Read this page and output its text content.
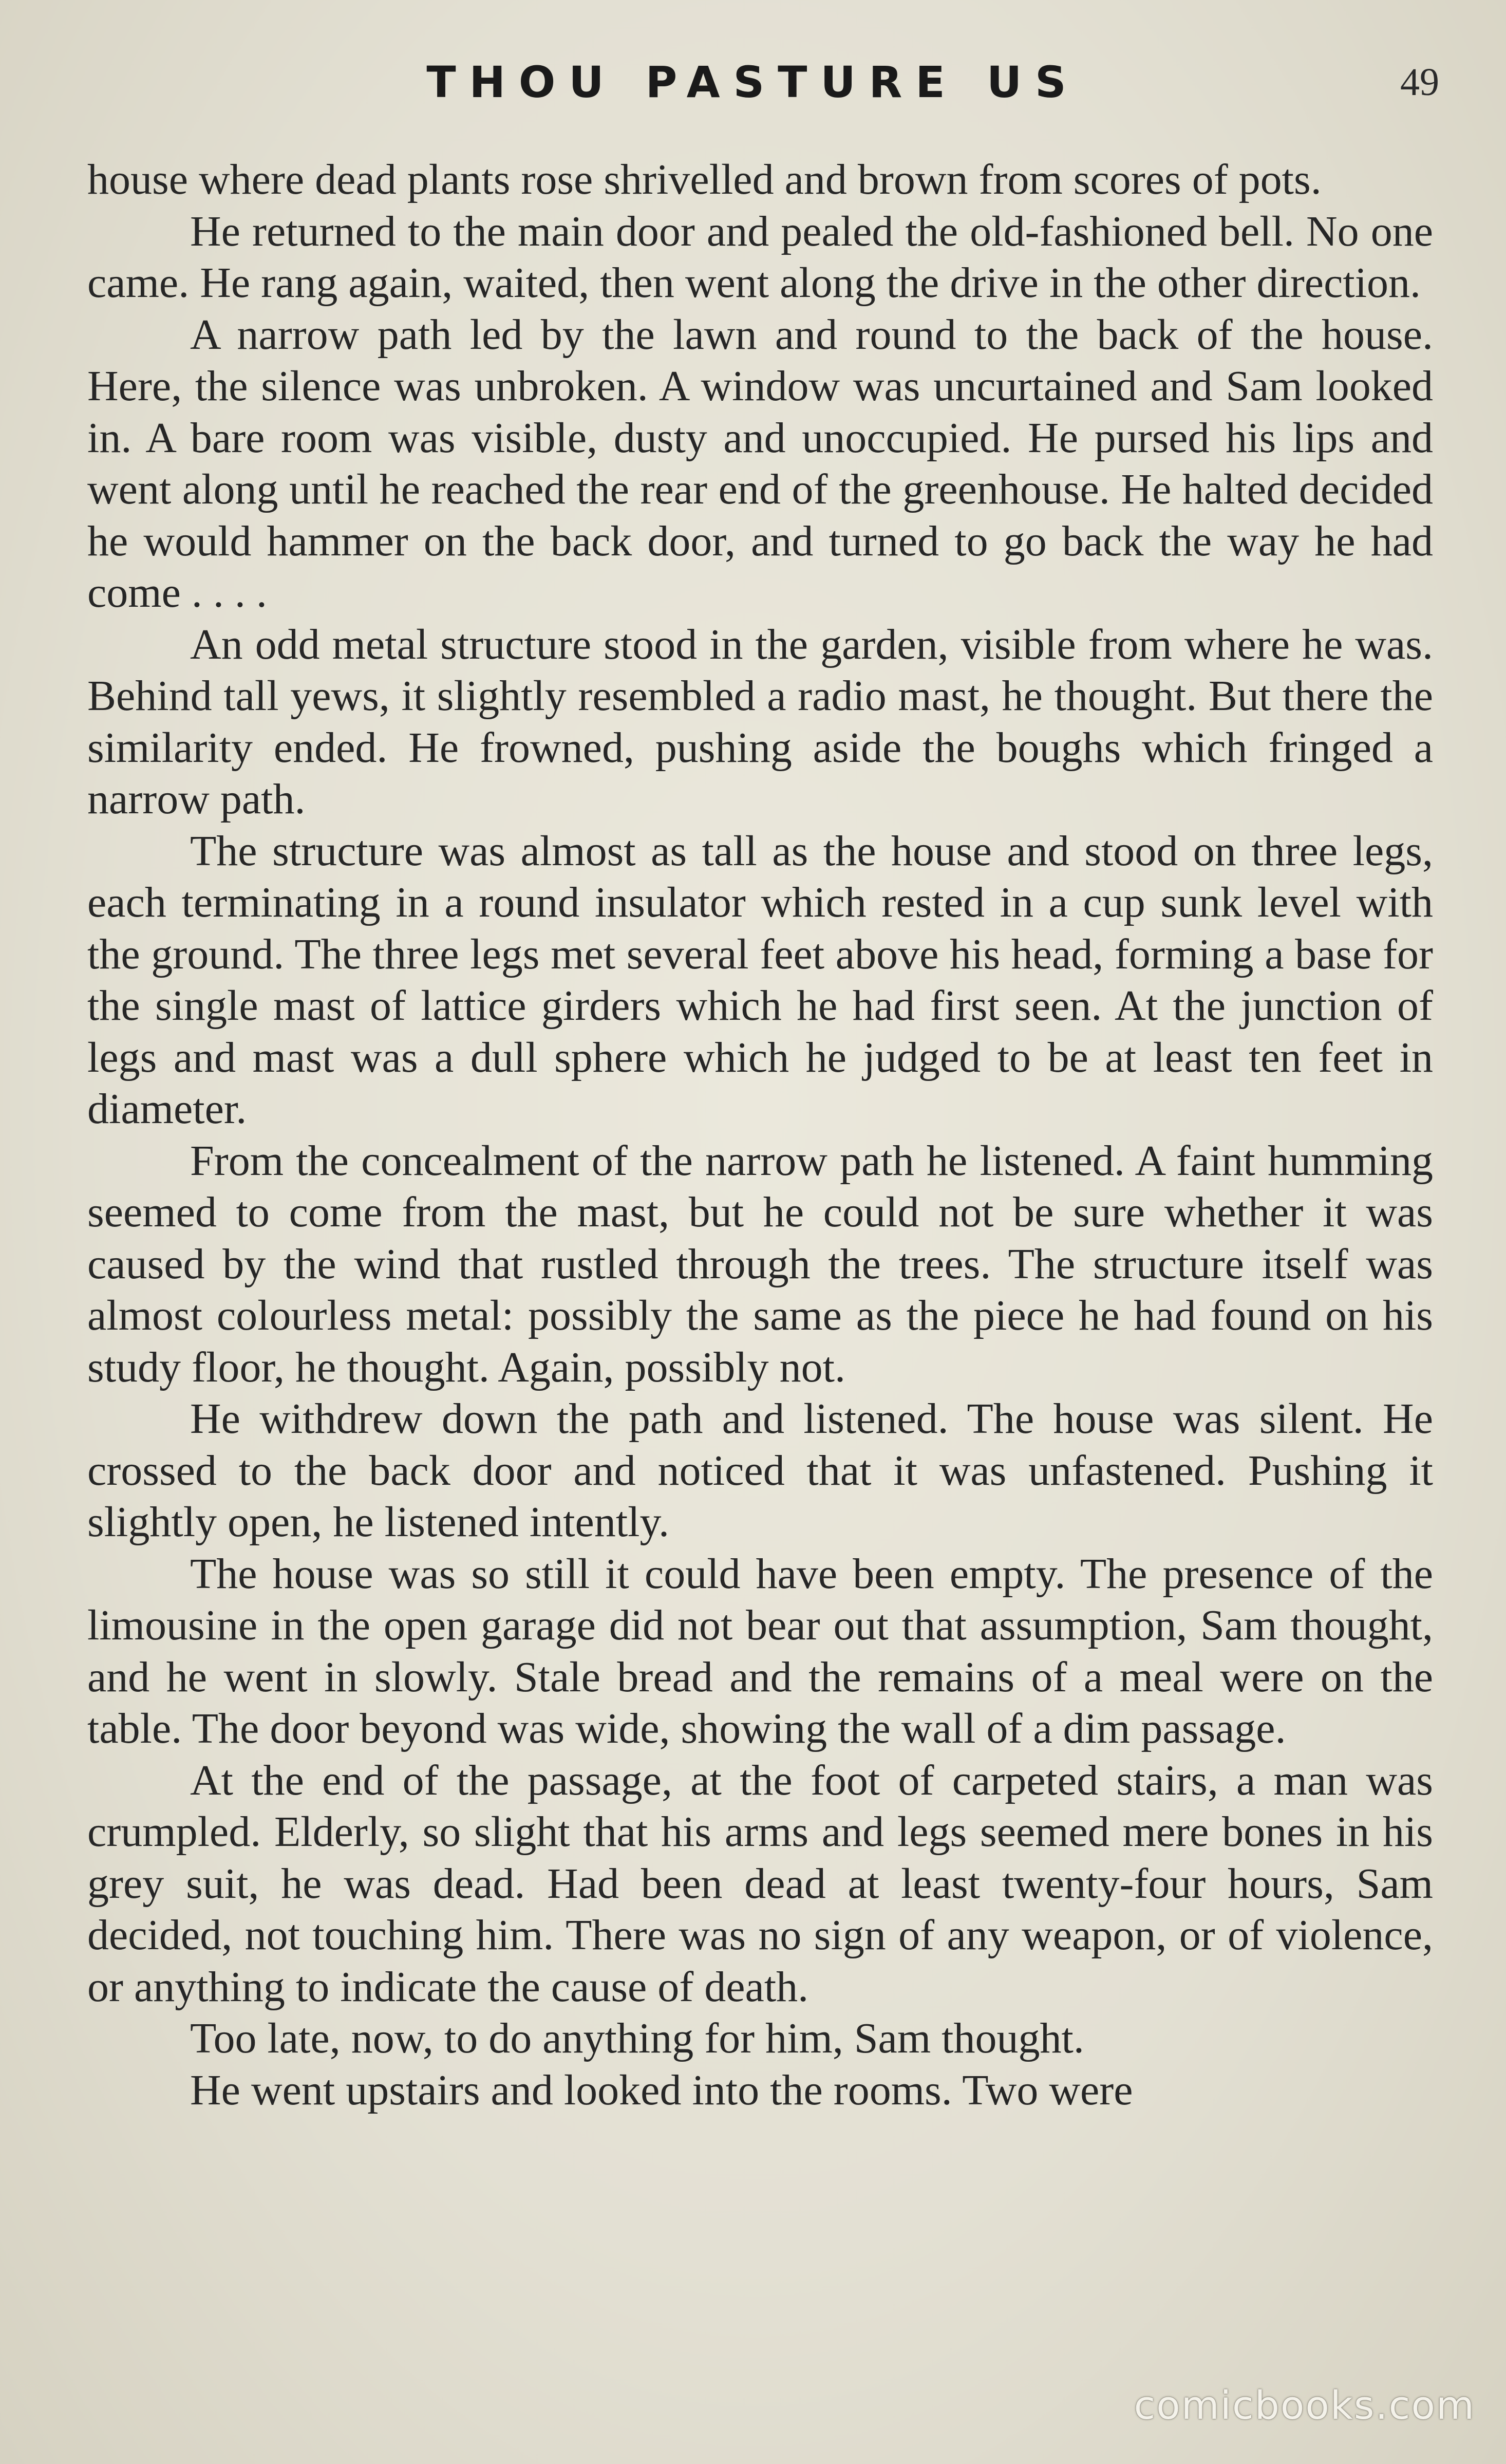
THOU PASTURE US	49

house where dead plants rose shrivelled and brown from scores of pots.

He returned to the main door and pealed the old-fashioned bell. No one came. He rang again, waited, then went along the drive in the other direction.

A narrow path led by the lawn and round to the back of the house. Here, the silence was unbroken. A window was uncurtained and Sam looked in. A bare room was visible, dusty and unoccupied. He pursed his lips and went along until he reached the rear end of the greenhouse. He halted decided he would hammer on the back door, and turned to go back the way he had come . . . .

An odd metal structure stood in the garden, visible from where he was. Behind tall yews, it slightly resembled a radio mast, he thought. But there the similarity ended. He frowned, pushing aside the boughs which fringed a narrow path.

The structure was almost as tall as the house and stood on three legs, each terminating in a round insulator which rested in a cup sunk level with the ground. The three legs met several feet above his head, forming a base for the single mast of lattice girders which he had first seen. At the junction of legs and mast was a dull sphere which he judged to be at least ten feet in diameter.

From the concealment of the narrow path he listened. A faint humming seemed to come from the mast, but he could not be sure whether it was caused by the wind that rustled through the trees. The structure itself was almost colourless metal: possibly the same as the piece he had found on his study floor, he thought. Again, possibly not.

He withdrew down the path and listened. The house was silent. He crossed to the back door and noticed that it was unfastened. Pushing it slightly open, he listened intently.

The house was so still it could have been empty. The presence of the limousine in the open garage did not bear out that assumption, Sam thought, and he went in slowly. Stale bread and the remains of a meal were on the table. The door beyond was wide, showing the wall of a dim passage.

At the end of the passage, at the foot of carpeted stairs, a man was crumpled. Elderly, so slight that his arms and legs seemed mere bones in his grey suit, he was dead. Had been dead at least twenty-four hours, Sam decided, not touching him. There was no sign of any weapon, or of violence, or anything to indicate the cause of death.

Too late, now, to do anything for him, Sam thought.

He went upstairs and looked into the rooms. Two were

comicbooks.com
